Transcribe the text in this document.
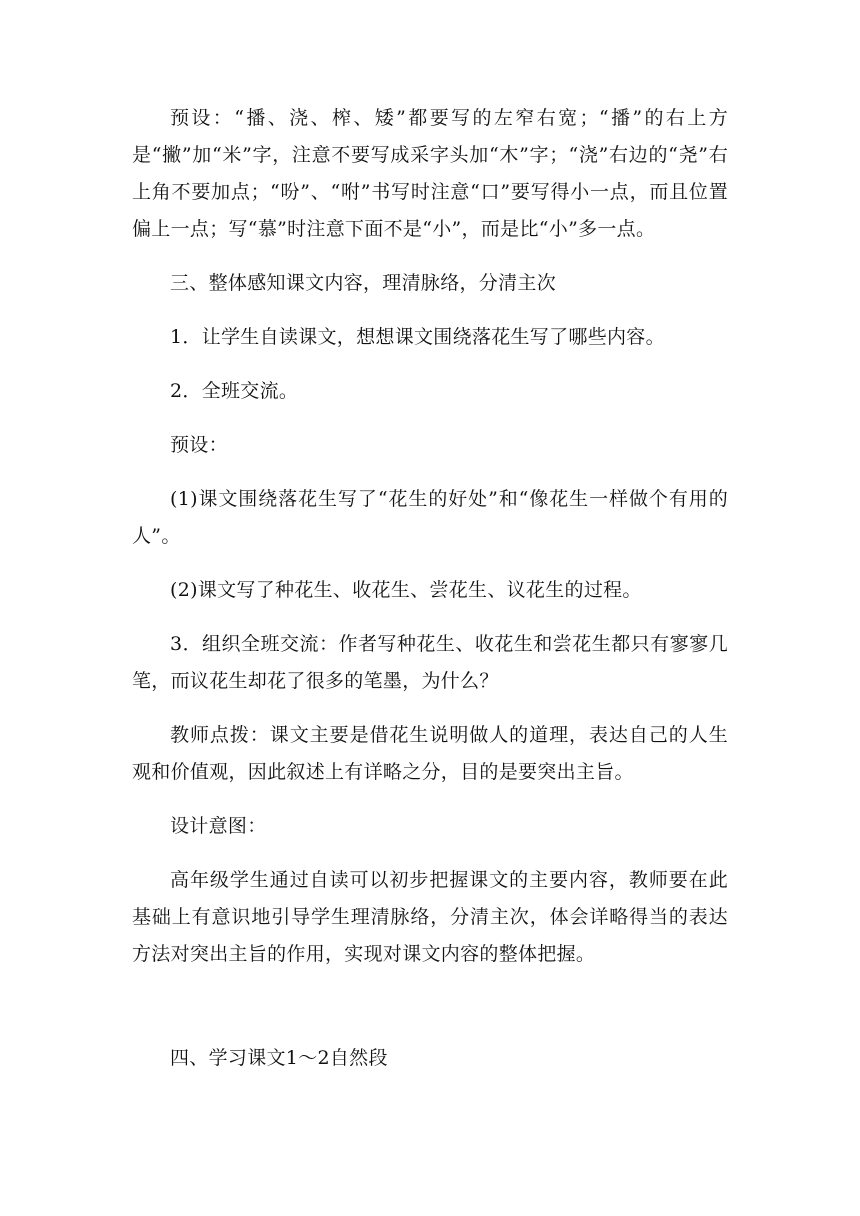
预设：“播、浇、榨、矮”都要写的左窄右宽；“播”的右上方是“撇”加“米”字，注意不要写成采字头加“木”字；“浇”右边的“尧”右上角不要加点；“吩”、“咐”书写时注意“口”要写得小一点，而且位置偏上一点；写“慕”时注意下面不是“小”，而是比“小”多一点。

三、整体感知课文内容，理清脉络，分清主次

1．让学生自读课文，想想课文围绕落花生写了哪些内容。

2．全班交流。

预设：

(1)课文围绕落花生写了“花生的好处”和“像花生一样做个有用的人”。

(2)课文写了种花生、收花生、尝花生、议花生的过程。

3．组织全班交流：作者写种花生、收花生和尝花生都只有寥寥几笔，而议花生却花了很多的笔墨，为什么？

教师点拨：课文主要是借花生说明做人的道理，表达自己的人生观和价值观，因此叙述上有详略之分，目的是要突出主旨。

设计意图：

高年级学生通过自读可以初步把握课文的主要内容，教师要在此基础上有意识地引导学生理清脉络，分清主次，体会详略得当的表达方法对突出主旨的作用，实现对课文内容的整体把握。

四、学习课文1～2自然段
